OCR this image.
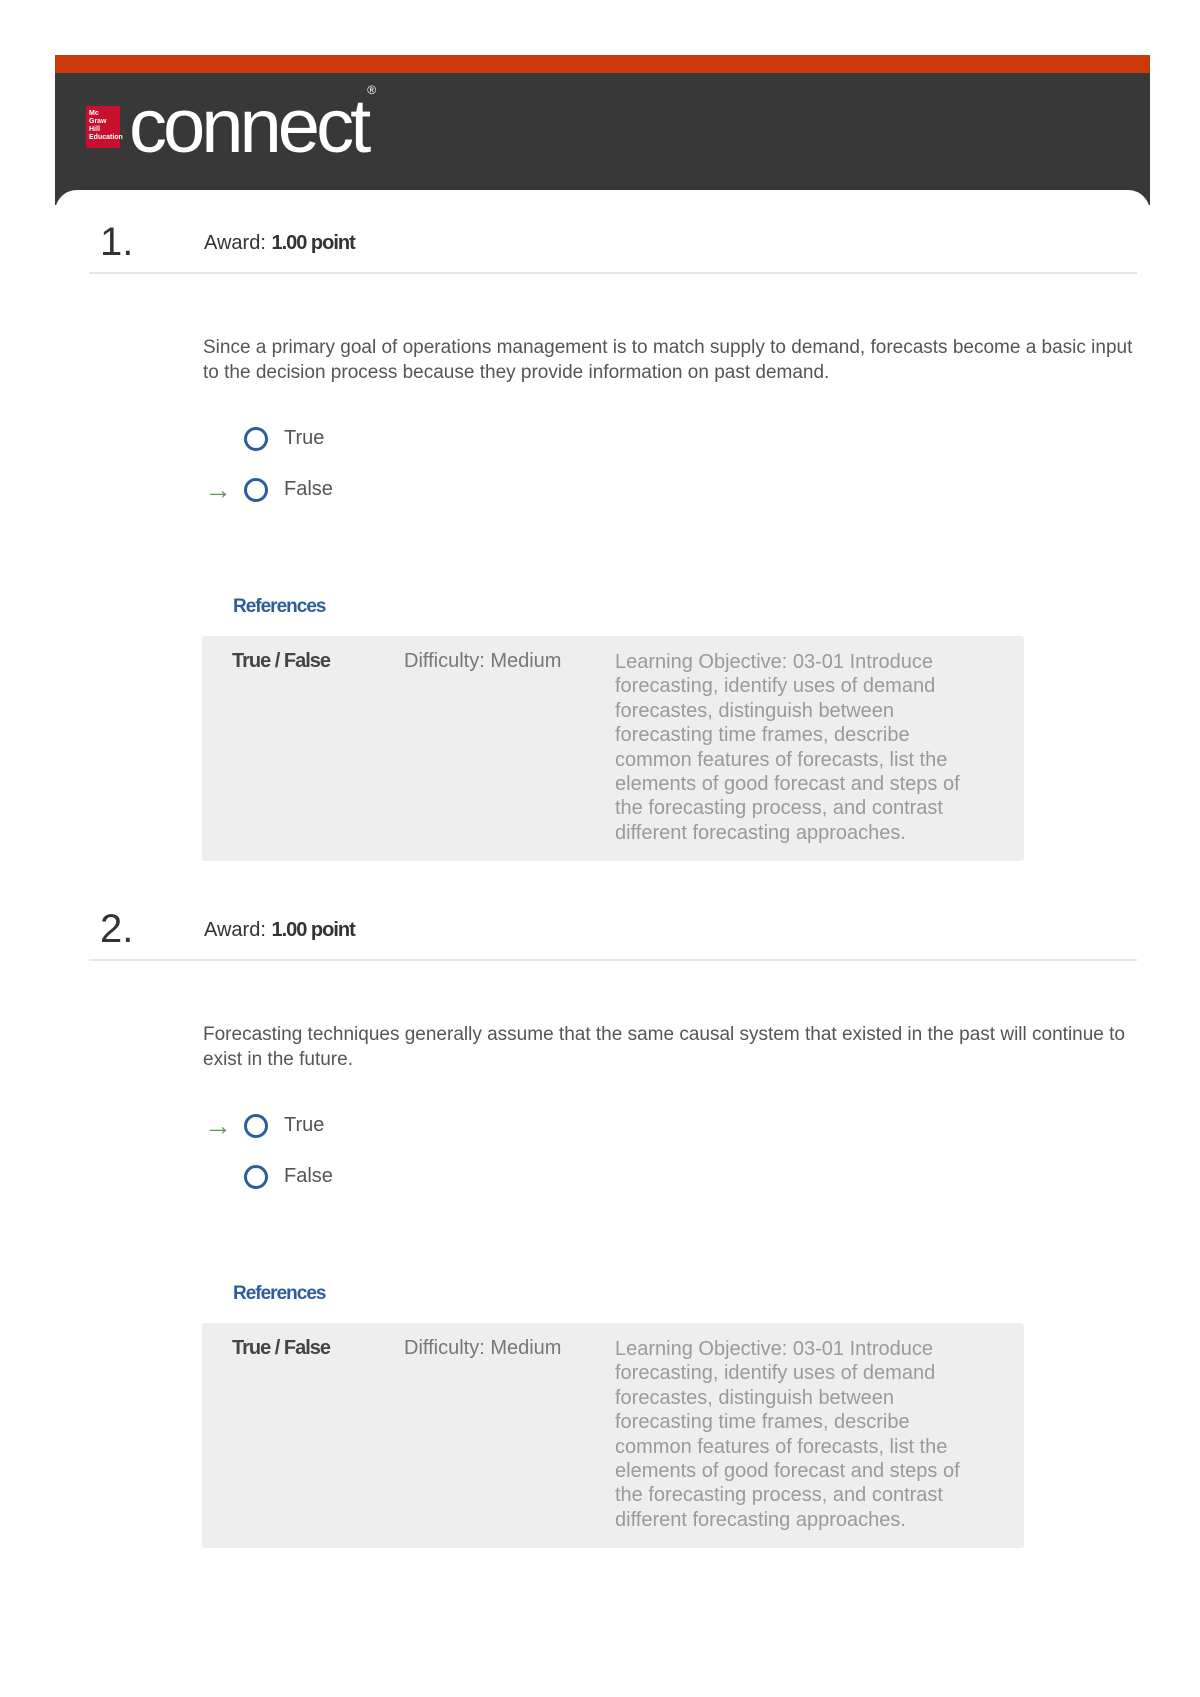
Mc Graw Hill Education connect®
1.	Award: 1.00 point
Since a primary goal of operations management is to match supply to demand, forecasts become a basic input to the decision process because they provide information on past demand.
True
→	False
References
True / False	Difficulty: Medium	Learning Objective: 03-01 Introduce forecasting, identify uses of demand forecastes, distinguish between forecasting time frames, describe common features of forecasts, list the elements of good forecast and steps of the forecasting process, and contrast different forecasting approaches.
2.	Award: 1.00 point
Forecasting techniques generally assume that the same causal system that existed in the past will continue to exist in the future.
→	True
False
References
True / False	Difficulty: Medium	Learning Objective: 03-01 Introduce forecasting, identify uses of demand forecastes, distinguish between forecasting time frames, describe common features of forecasts, list the elements of good forecast and steps of the forecasting process, and contrast different forecasting approaches.
